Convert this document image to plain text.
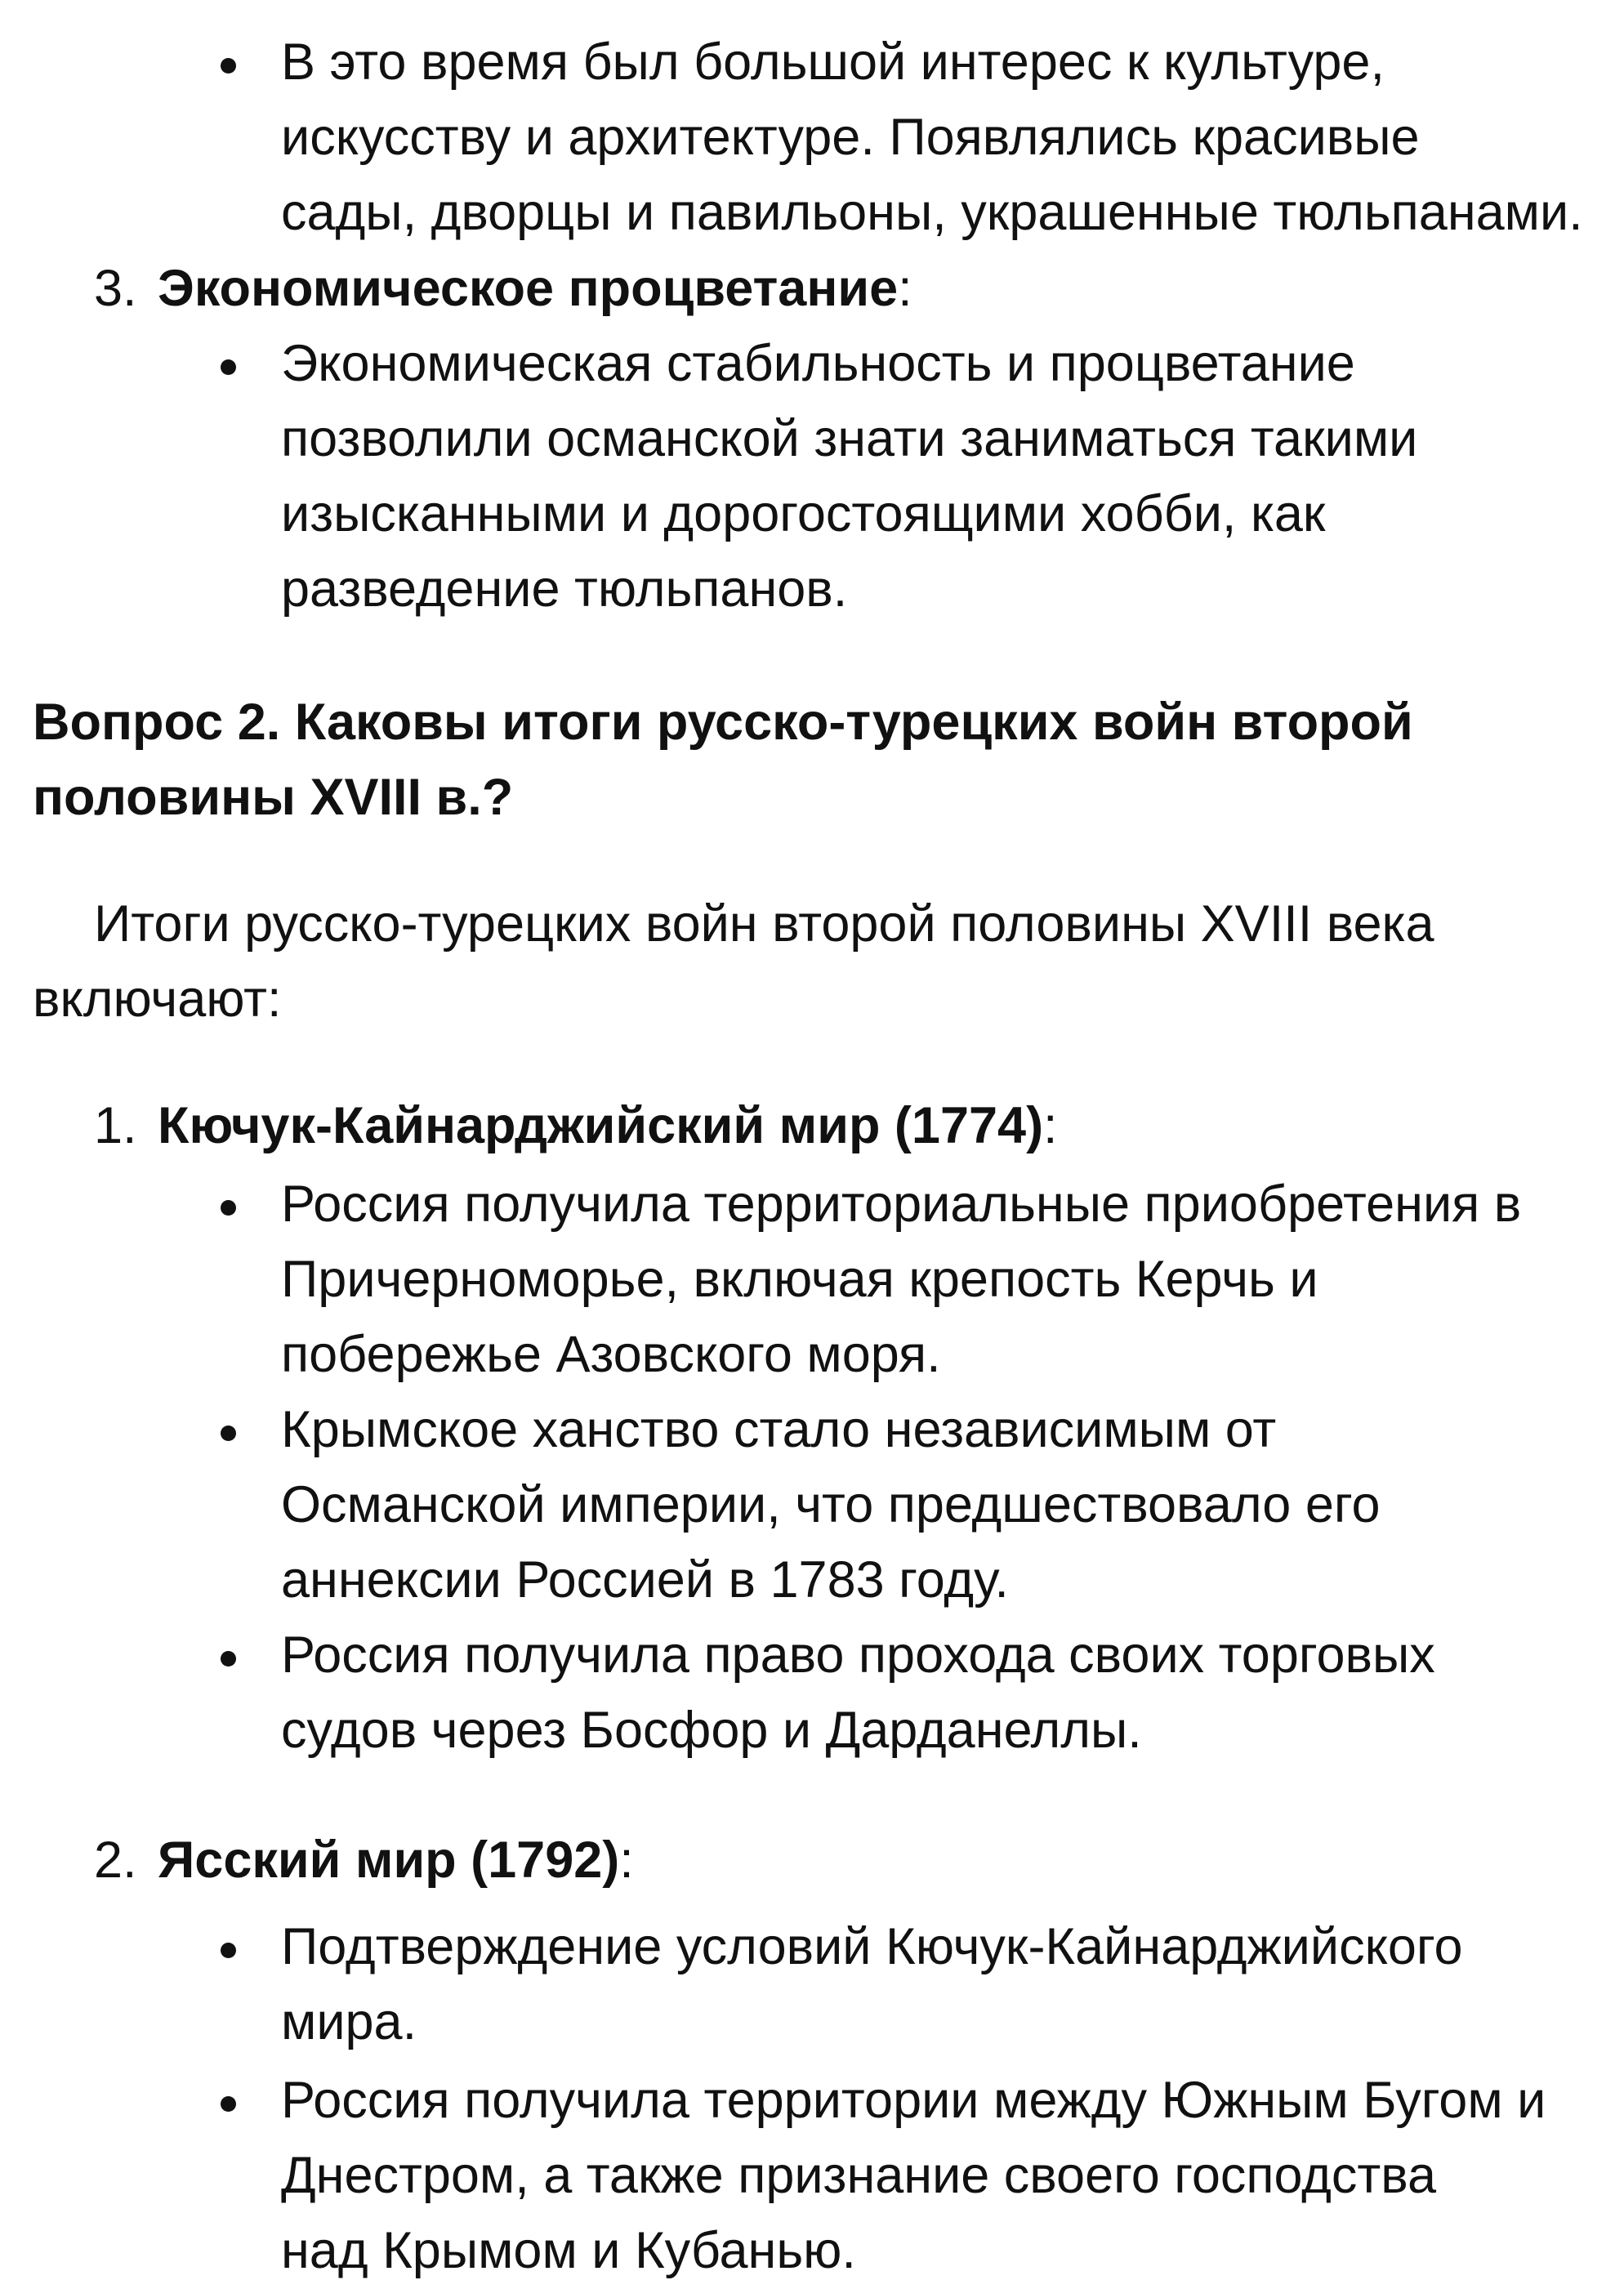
В это время был большой интерес к культуре,
искусству и архитектуре. Появлялись красивые
сады, дворцы и павильоны, украшенные тюльпанами.
3. Экономическое процветание:
Экономическая стабильность и процветание
позволили османской знати заниматься такими
изысканными и дорогостоящими хобби, как
разведение тюльпанов.
Вопрос 2. Каковы итоги русско-турецких войн второй
половины XVIII в.?
Итоги русско-турецких войн второй половины XVIII века
включают:
1. Кючук-Кайнарджийский мир (1774):
Россия получила территориальные приобретения в
Причерноморье, включая крепость Керчь и
побережье Азовского моря.
Крымское ханство стало независимым от
Османской империи, что предшествовало его
аннексии Россией в 1783 году.
Россия получила право прохода своих торговых
судов через Босфор и Дарданеллы.
2. Ясский мир (1792):
Подтверждение условий Кючук-Кайнарджийского
мира.
Россия получила территории между Южным Бугом и
Днестром, а также признание своего господства
над Крымом и Кубанью.
